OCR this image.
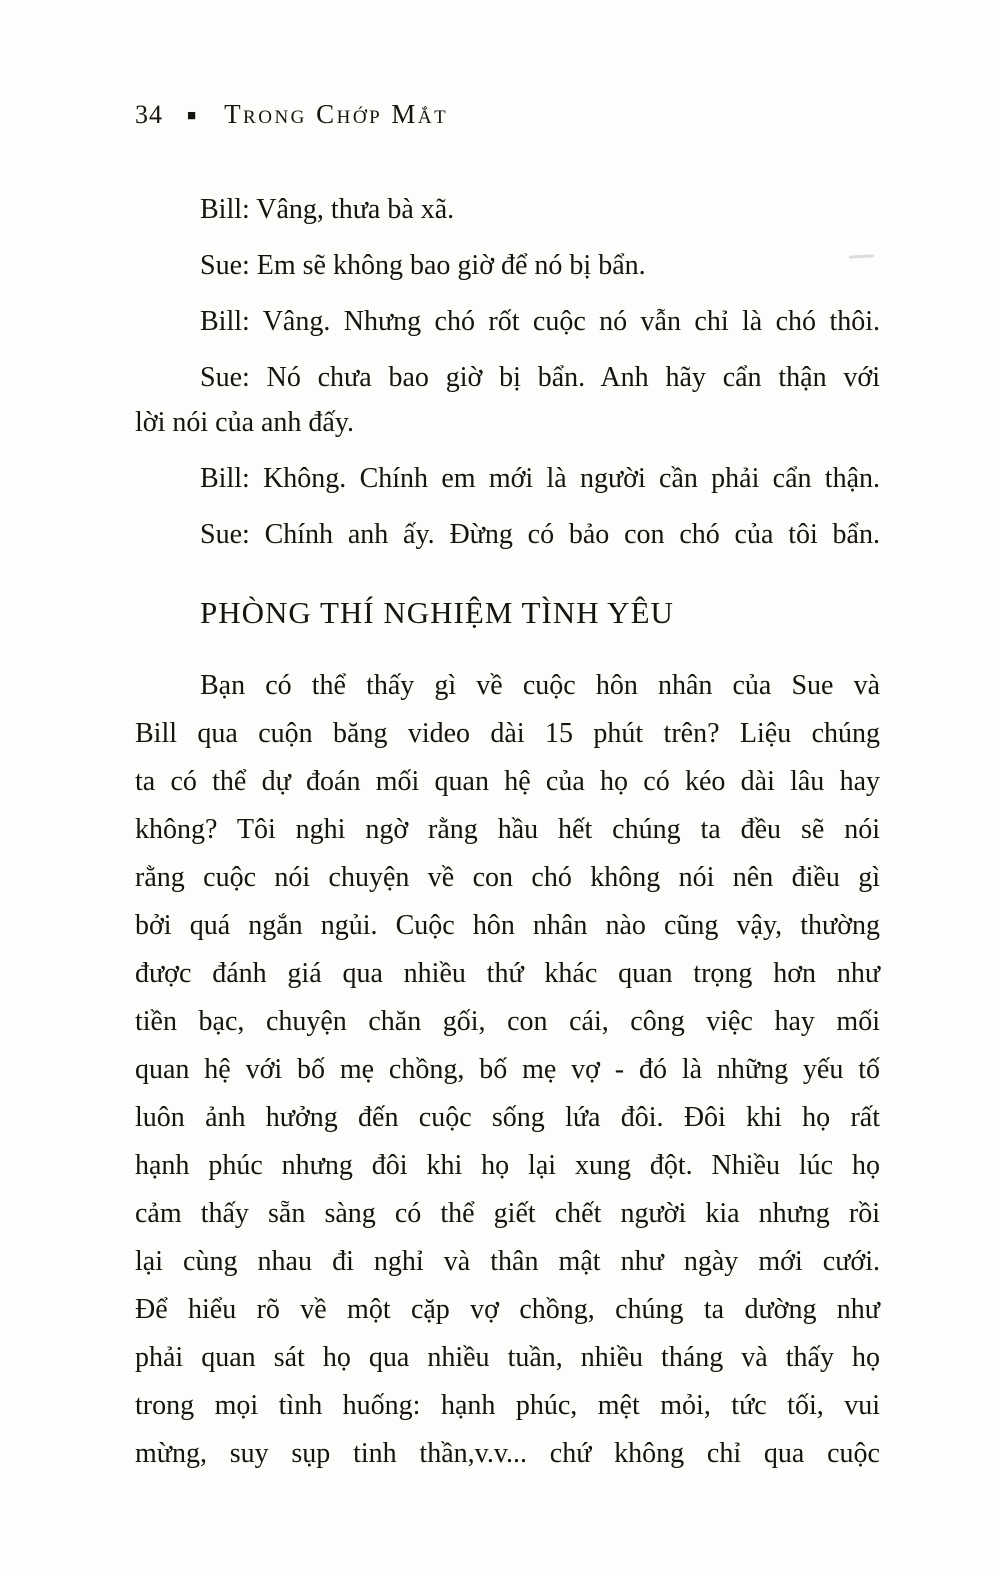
34 ■ Trong Chớp Mắt
Bill: Vâng, thưa bà xã.
Sue: Em sẽ không bao giờ để nó bị bẩn.
Bill: Vâng. Nhưng chó rốt cuộc nó vẫn chỉ là chó thôi.
Sue: Nó chưa bao giờ bị bẩn. Anh hãy cẩn thận với
lời nói của anh đấy.
Bill: Không. Chính em mới là người cần phải cẩn thận.
Sue: Chính anh ấy. Đừng có bảo con chó của tôi bẩn.
PHÒNG THÍ NGHIỆM TÌNH YÊU
Bạn có thể thấy gì về cuộc hôn nhân của Sue và
Bill qua cuộn băng video dài 15 phút trên? Liệu chúng
ta có thể dự đoán mối quan hệ của họ có kéo dài lâu hay
không? Tôi nghi ngờ rằng hầu hết chúng ta đều sẽ nói
rằng cuộc nói chuyện về con chó không nói nên điều gì
bởi quá ngắn ngủi. Cuộc hôn nhân nào cũng vậy, thường
được đánh giá qua nhiều thứ khác quan trọng hơn như
tiền bạc, chuyện chăn gối, con cái, công việc hay mối
quan hệ với bố mẹ chồng, bố mẹ vợ - đó là những yếu tố
luôn ảnh hưởng đến cuộc sống lứa đôi. Đôi khi họ rất
hạnh phúc nhưng đôi khi họ lại xung đột. Nhiều lúc họ
cảm thấy sẵn sàng có thể giết chết người kia nhưng rồi
lại cùng nhau đi nghỉ và thân mật như ngày mới cưới.
Để hiểu rõ về một cặp vợ chồng, chúng ta dường như
phải quan sát họ qua nhiều tuần, nhiều tháng và thấy họ
trong mọi tình huống: hạnh phúc, mệt mỏi, tức tối, vui
mừng, suy sụp tinh thần,v.v... chứ không chỉ qua cuộc
